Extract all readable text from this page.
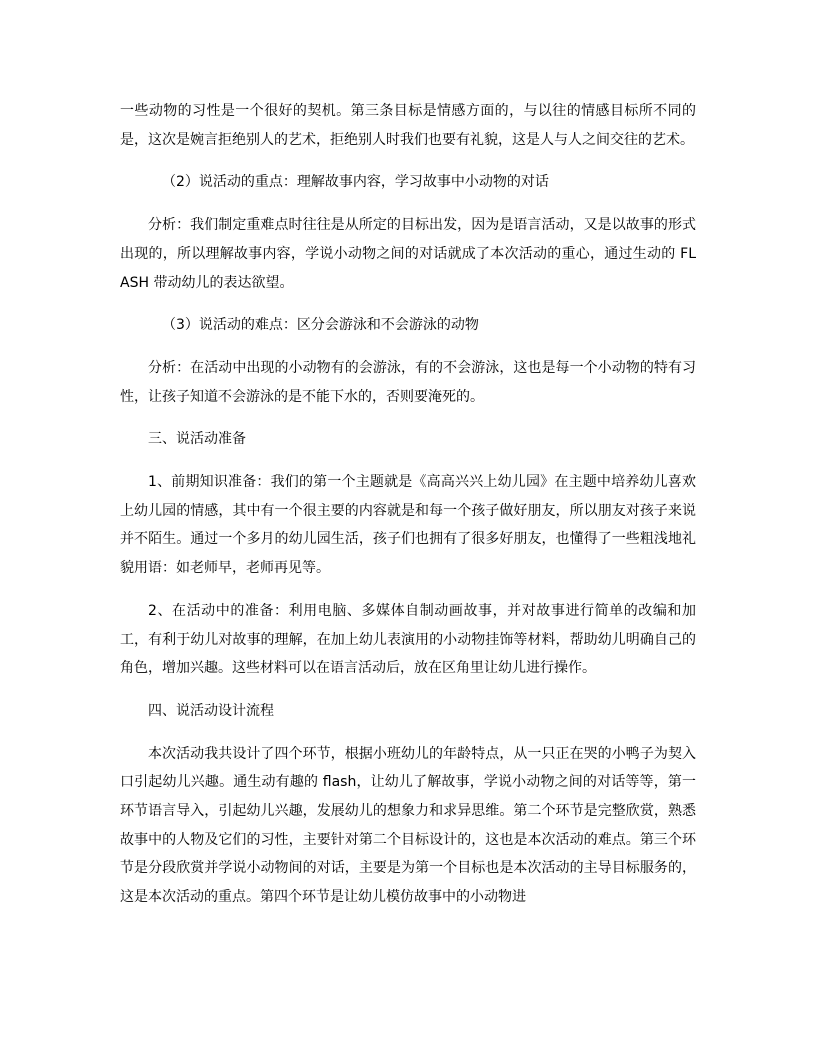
一些动物的习性是一个很好的契机。第三条目标是情感方面的，与以往的情感目标所不同的是，这次是婉言拒绝别人的艺术，拒绝别人时我们也要有礼貌，这是人与人之间交往的艺术。

（2）说活动的重点：理解故事内容，学习故事中小动物的对话

分析：我们制定重难点时往往是从所定的目标出发，因为是语言活动，又是以故事的形式出现的，所以理解故事内容，学说小动物之间的对话就成了本次活动的重心，通过生动的 FLASH 带动幼儿的表达欲望。

（3）说活动的难点：区分会游泳和不会游泳的动物

分析：在活动中出现的小动物有的会游泳，有的不会游泳，这也是每一个小动物的特有习性，让孩子知道不会游泳的是不能下水的，否则要淹死的。

三、说活动准备

1、前期知识准备：我们的第一个主题就是《高高兴兴上幼儿园》在主题中培养幼儿喜欢上幼儿园的情感，其中有一个很主要的内容就是和每一个孩子做好朋友，所以朋友对孩子来说并不陌生。通过一个多月的幼儿园生活，孩子们也拥有了很多好朋友，也懂得了一些粗浅地礼貌用语：如老师早，老师再见等。

2、在活动中的准备：利用电脑、多媒体自制动画故事，并对故事进行简单的改编和加工，有利于幼儿对故事的理解，在加上幼儿表演用的小动物挂饰等材料，帮助幼儿明确自己的角色，增加兴趣。这些材料可以在语言活动后，放在区角里让幼儿进行操作。

四、说活动设计流程

本次活动我共设计了四个环节，根据小班幼儿的年龄特点，从一只正在哭的小鸭子为契入口引起幼儿兴趣。通生动有趣的 flash，让幼儿了解故事，学说小动物之间的对话等等，第一环节语言导入，引起幼儿兴趣，发展幼儿的想象力和求异思维。第二个环节是完整欣赏，熟悉故事中的人物及它们的习性，主要针对第二个目标设计的，这也是本次活动的难点。第三个环节是分段欣赏并学说小动物间的对话，主要是为第一个目标也是本次活动的主导目标服务的，这是本次活动的重点。第四个环节是让幼儿模仿故事中的小动物进
